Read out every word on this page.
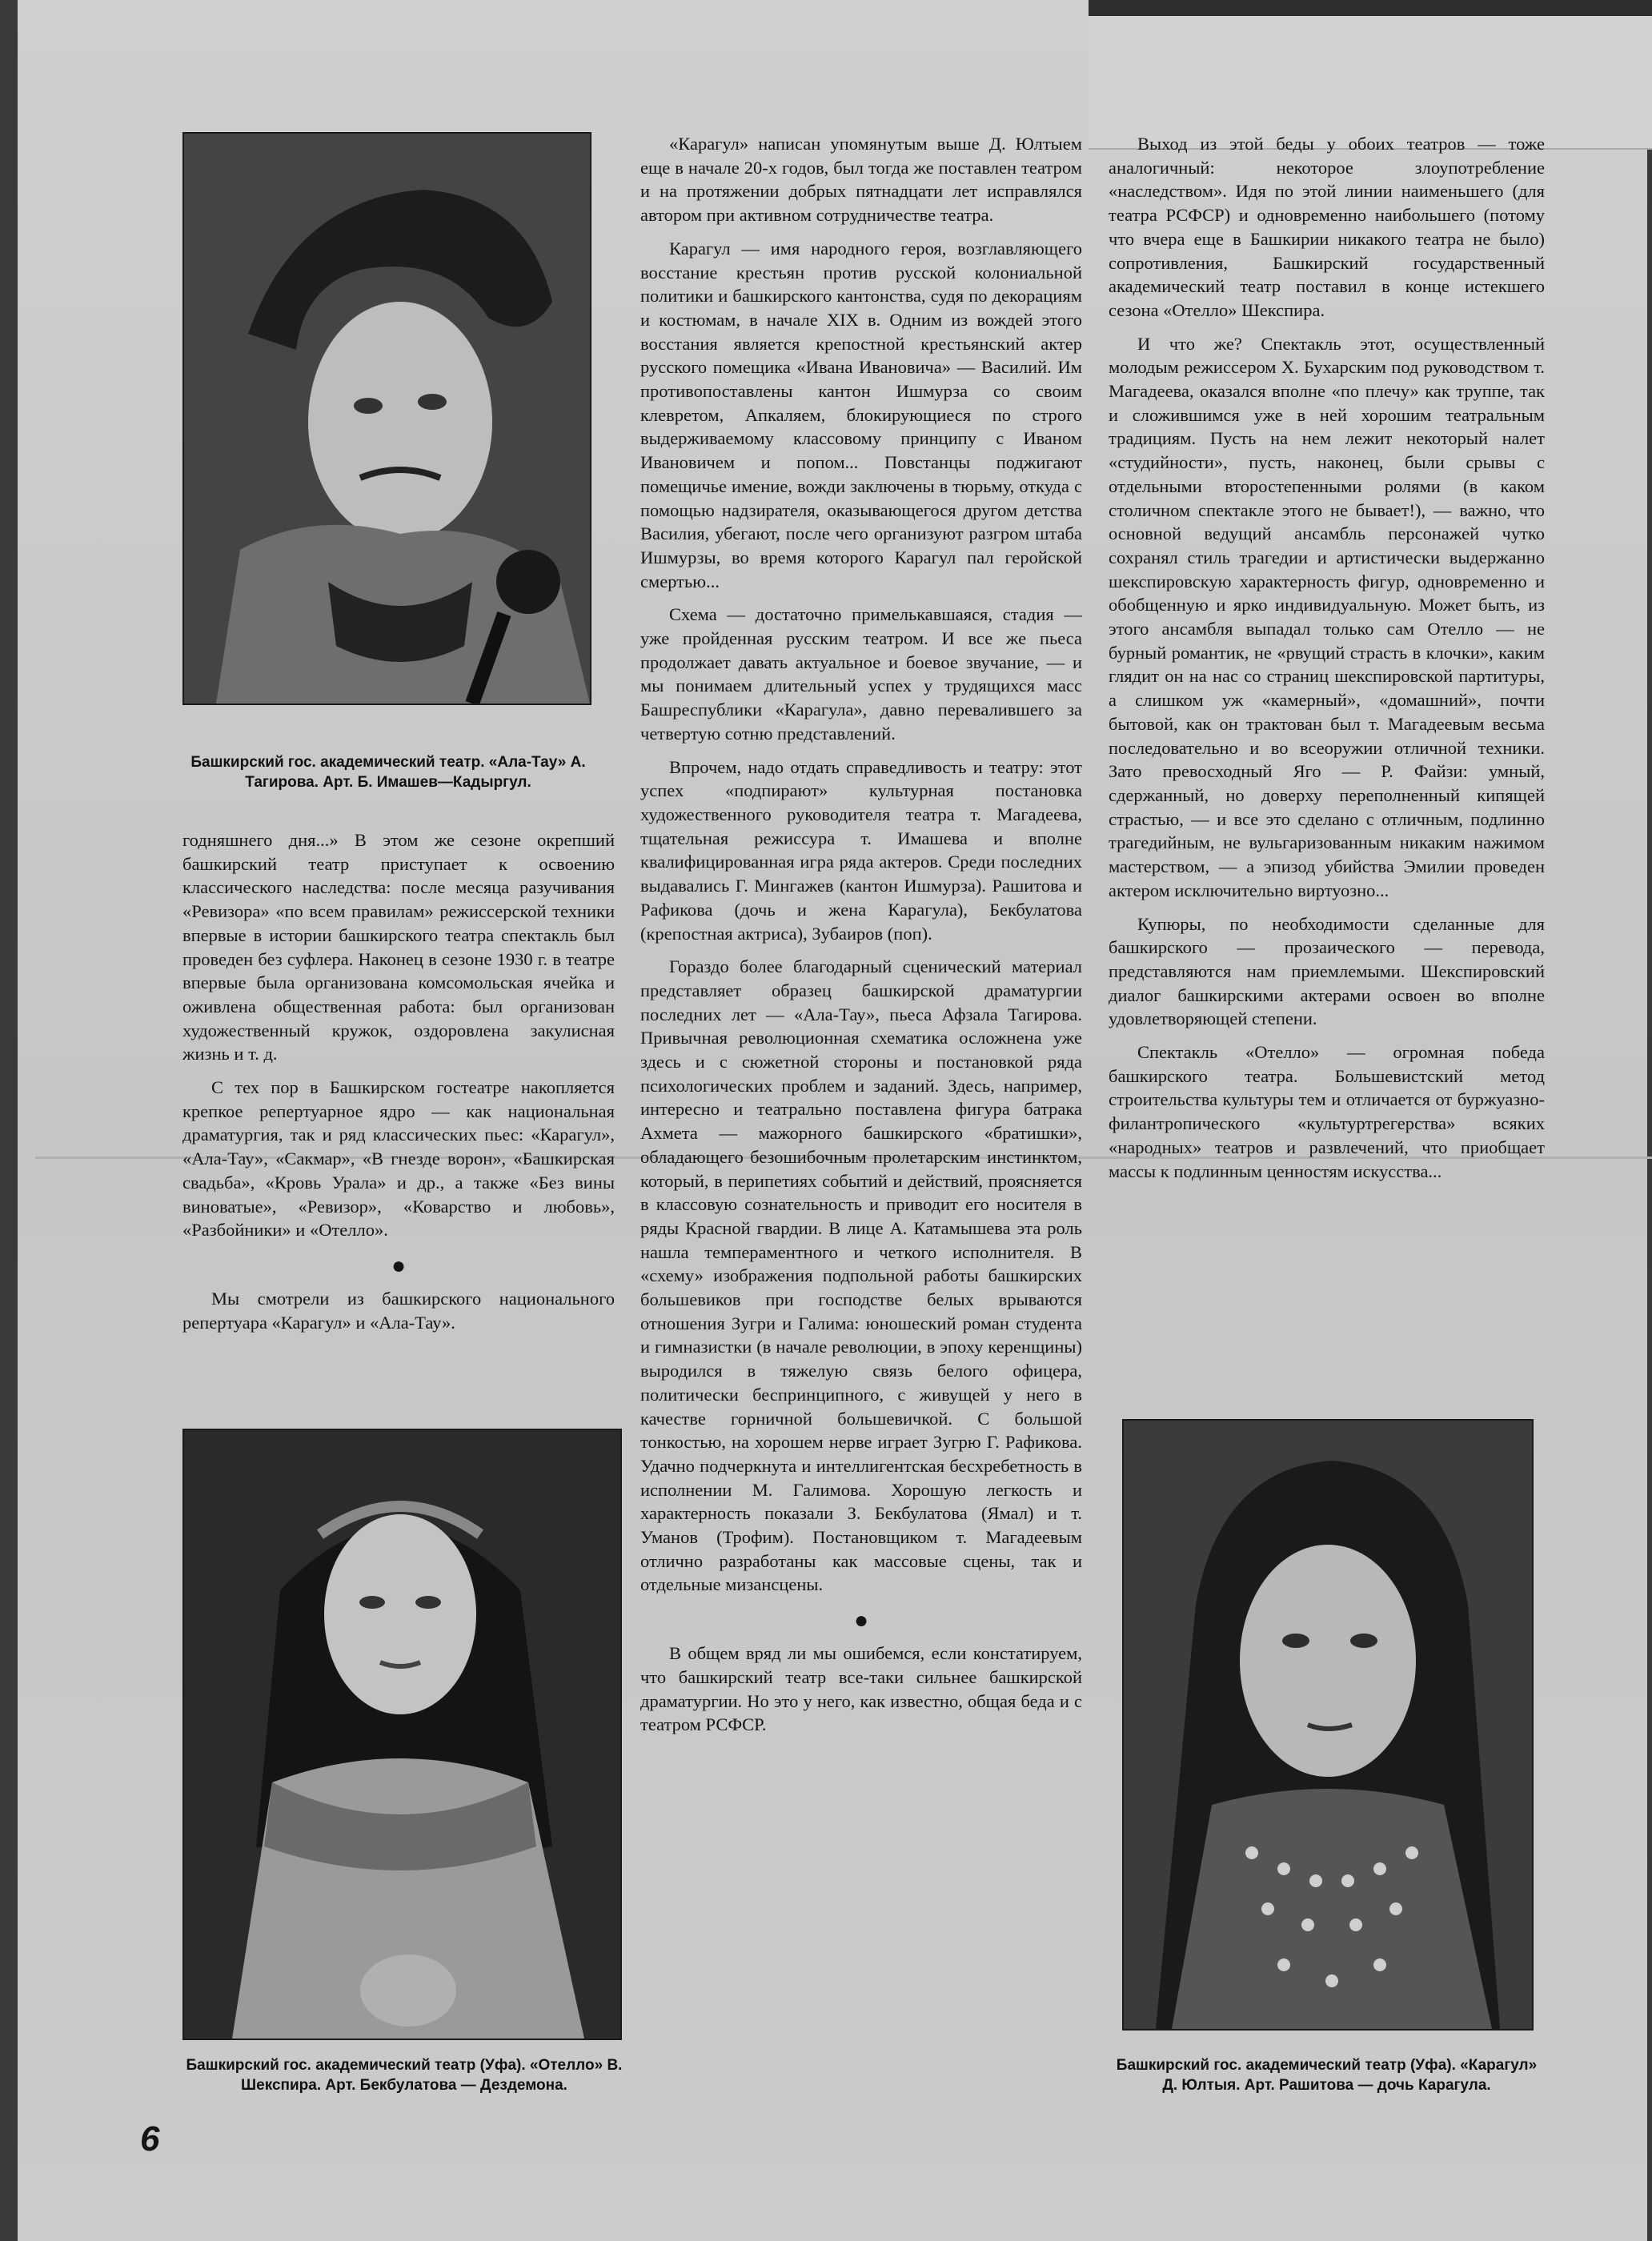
Башкирский гос. академический театр. «Ала-Тау» А. Тагирова. Арт. Б. Имашев—Кадыргул.
Башкирский гос. академический театр (Уфа). «Отелло» В. Шекспира. Арт. Бекбулатова — Дездемона.
Башкирский гос. академический театр (Уфа). «Карагул» Д. Юлтыя. Арт. Рашитова — дочь Карагула.

годняшнего дня...» В этом же сезоне окрепший башкирский театр приступает к освоению классического наследства: после месяца разучивания «Ревизора» «по всем правилам» режиссерской техники впервые в истории башкирского театра спектакль был проведен без суфлера. Наконец в сезоне 1930 г. в театре впервые была организована комсомольская ячейка и оживлена общественная работа: был организован художественный кружок, оздоровлена закулисная жизнь и т. д.

С тех пор в Башкирском гостеатре накопляется крепкое репертуарное ядро — как национальная драматургия, так и ряд классических пьес: «Карагул», «Ала-Тау», «Сакмар», «В гнезде ворон», «Башкирская свадьба», «Кровь Урала» и др., а также «Без вины виноватые», «Ревизор», «Коварство и любовь», «Разбойники» и «Отелло».

●

Мы смотрели из башкирского национального репертуара «Карагул» и «Ала-Тау».

«Карагул» написан упомянутым выше Д. Юлтыем еще в начале 20-х годов, был тогда же поставлен театром и на протяжении добрых пятнадцати лет исправлялся автором при активном сотрудничестве театра.

Карагул — имя народного героя, возглавляющего восстание крестьян против русской колониальной политики и башкирского кантонства, судя по декорациям и костюмам, в начале XIX в. Одним из вождей этого восстания является крепостной крестьянский актер русского помещика «Ивана Ивановича» — Василий. Им противопоставлены кантон Ишмурза со своим клевретом, Апкаляем, блокирующиеся по строго выдерживаемому классовому принципу с Иваном Ивановичем и попом... Повстанцы поджигают помещичье имение, вожди заключены в тюрьму, откуда с помощью надзирателя, оказывающегося другом детства Василия, убегают, после чего организуют разгром штаба Ишмурзы, во время которого Карагул пал геройской смертью...

Схема — достаточно примелькавшаяся, стадия — уже пройденная русским театром. И все же пьеса продолжает давать актуальное и боевое звучание, — и мы понимаем длительный успех у трудящихся масс Башреспублики «Карагула», давно перевалившего за четвертую сотню представлений.

Впрочем, надо отдать справедливость и театру: этот успех «подпирают» культурная постановка художественного руководителя театра т. Магадеева, тщательная режиссура т. Имашева и вполне квалифицированная игра ряда актеров. Среди последних выдавались Г. Мингажев (кантон Ишмурза). Рашитова и Рафикова (дочь и жена Карагула), Бекбулатова (крепостная актриса), Зубаиров (поп).

Гораздо более благодарный сценический материал представляет образец башкирской драматургии последних лет — «Ала-Тау», пьеса Афзала Тагирова. Привычная революционная схематика осложнена уже здесь и с сюжетной стороны и постановкой ряда психологических проблем и заданий. Здесь, например, интересно и театрально поставлена фигура батрака Ахмета — мажорного башкирского «братишки», обладающего безошибочным пролетарским инстинктом, который, в перипетиях событий и действий, проясняется в классовую сознательность и приводит его носителя в ряды Красной гвардии. В лице А. Катамышева эта роль нашла темпераментного и четкого исполнителя. В «схему» изображения подпольной работы башкирских большевиков при господстве белых врываются отношения Зугри и Галима: юношеский роман студента и гимназистки (в начале революции, в эпоху керенщины) выродился в тяжелую связь белого офицера, политически беспринципного, с живущей у него в качестве горничной большевичкой. С большой тонкостью, на хорошем нерве играет Зугрю Г. Рафикова. Удачно подчеркнута и интеллигентская бесхребетность в исполнении М. Галимова. Хорошую легкость и характерность показали З. Бекбулатова (Ямал) и т. Уманов (Трофим). Постановщиком т. Магадеевым отлично разработаны как массовые сцены, так и отдельные мизансцены.

●

В общем вряд ли мы ошибемся, если констатируем, что башкирский театр все-таки сильнее башкирской драматургии. Но это у него, как известно, общая беда и с театром РСФСР.

Выход из этой беды у обоих театров — тоже аналогичный: некоторое злоупотребление «наследством». Идя по этой линии наименьшего (для театра РСФСР) и одновременно наибольшего (потому что вчера еще в Башкирии никакого театра не было) сопротивления, Башкирский государственный академический театр поставил в конце истекшего сезона «Отелло» Шекспира.

И что же? Спектакль этот, осуществленный молодым режиссером Х. Бухарским под руководством т. Магадеева, оказался вполне «по плечу» как труппе, так и сложившимся уже в ней хорошим театральным традициям. Пусть на нем лежит некоторый налет «студийности», пусть, наконец, были срывы с отдельными второстепенными ролями (в каком столичном спектакле этого не бывает!), — важно, что основной ведущий ансамбль персонажей чутко сохранял стиль трагедии и артистически выдержанно шекспировскую характерность фигур, одновременно и обобщенную и ярко индивидуальную. Может быть, из этого ансамбля выпадал только сам Отелло — не бурный романтик, не «рвущий страсть в клочки», каким глядит он на нас со страниц шекспировской партитуры, а слишком уж «камерный», «домашний», почти бытовой, как он трактован был т. Магадеевым весьма последовательно и во всеоружии отличной техники. Зато превосходный Яго — Р. Файзи: умный, сдержанный, но доверху переполненный кипящей страстью, — и все это сделано с отличным, подлинно трагедийным, не вульгаризованным никаким нажимом мастерством, — а эпизод убийства Эмилии проведен актером исключительно виртуозно...

Купюры, по необходимости сделанные для башкирского — прозаического — перевода, представляются нам приемлемыми. Шекспировский диалог башкирскими актерами освоен во вполне удовлетворяющей степени.

Спектакль «Отелло» — огромная победа башкирского театра. Большевистский метод строительства культуры тем и отличается от буржуазно-филантропического «культуртрегерства» всяких «народных» театров и развлечений, что приобщает массы к подлинным ценностям искусства...

6
